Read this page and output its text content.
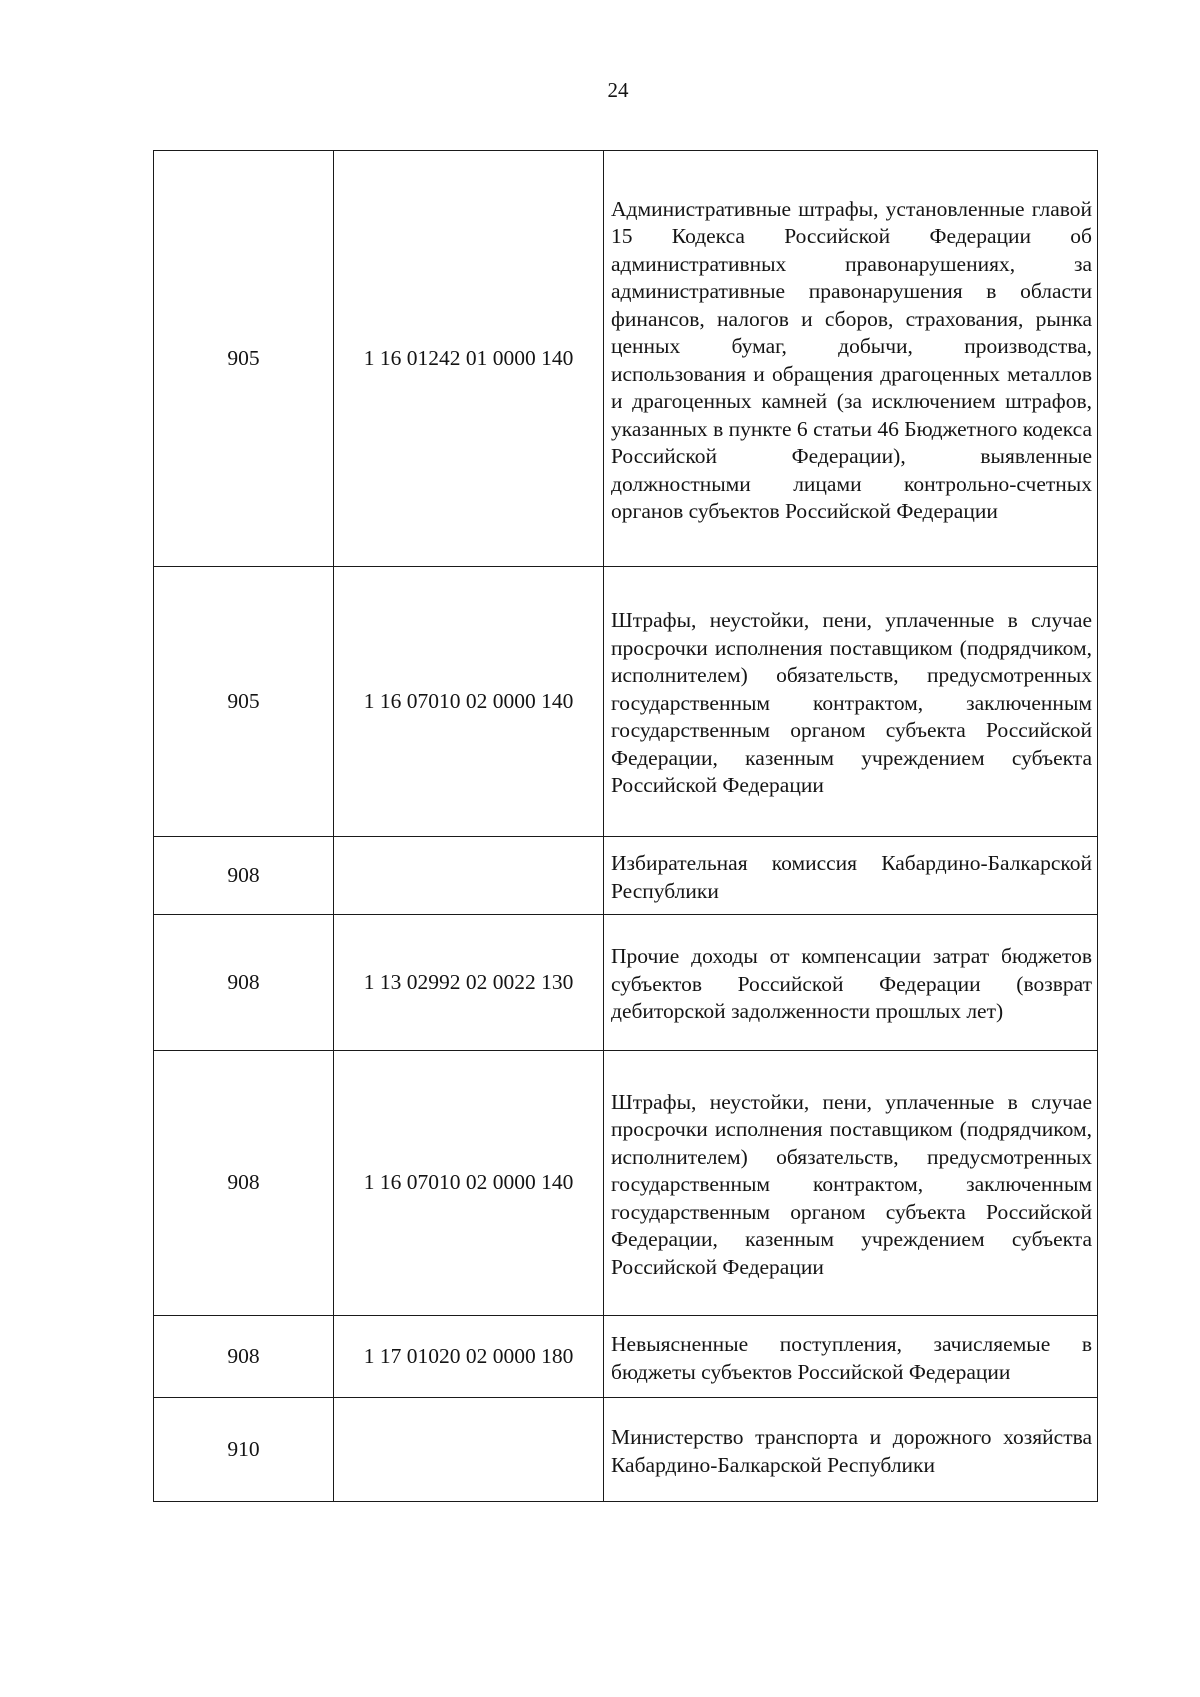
24
905	1 16 01242 01 0000 140	Административные штрафы, установленные главой 15 Кодекса Российской Федерации об административных правонарушениях, за административные правонарушения в области финансов, налогов и сборов, страхования, рынка ценных бумаг, добычи, производства, использования и обращения драгоценных металлов и драгоценных камней (за исключением штрафов, указанных в пункте 6 статьи 46 Бюджетного кодекса Российской Федерации), выявленные должностными лицами контрольно-счетных органов субъектов Российской Федерации
905	1 16 07010 02 0000 140	Штрафы, неустойки, пени, уплаченные в случае просрочки исполнения поставщиком (подрядчиком, исполнителем) обязательств, предусмотренных государственным контрактом, заключенным государственным органом субъекта Российской Федерации, казенным учреждением субъекта Российской Федерации
908		Избирательная комиссия Кабардино-Балкарской Республики
908	1 13 02992 02 0022 130	Прочие доходы от компенсации затрат бюджетов субъектов Российской Федерации (возврат дебиторской задолженности прошлых лет)
908	1 16 07010 02 0000 140	Штрафы, неустойки, пени, уплаченные в случае просрочки исполнения поставщиком (подрядчиком, исполнителем) обязательств, предусмотренных государственным контрактом, заключенным государственным органом субъекта Российской Федерации, казенным учреждением субъекта Российской Федерации
908	1 17 01020 02 0000 180	Невыясненные поступления, зачисляемые в бюджеты субъектов Российской Федерации
910		Министерство транспорта и дорожного хозяйства Кабардино-Балкарской Республики
